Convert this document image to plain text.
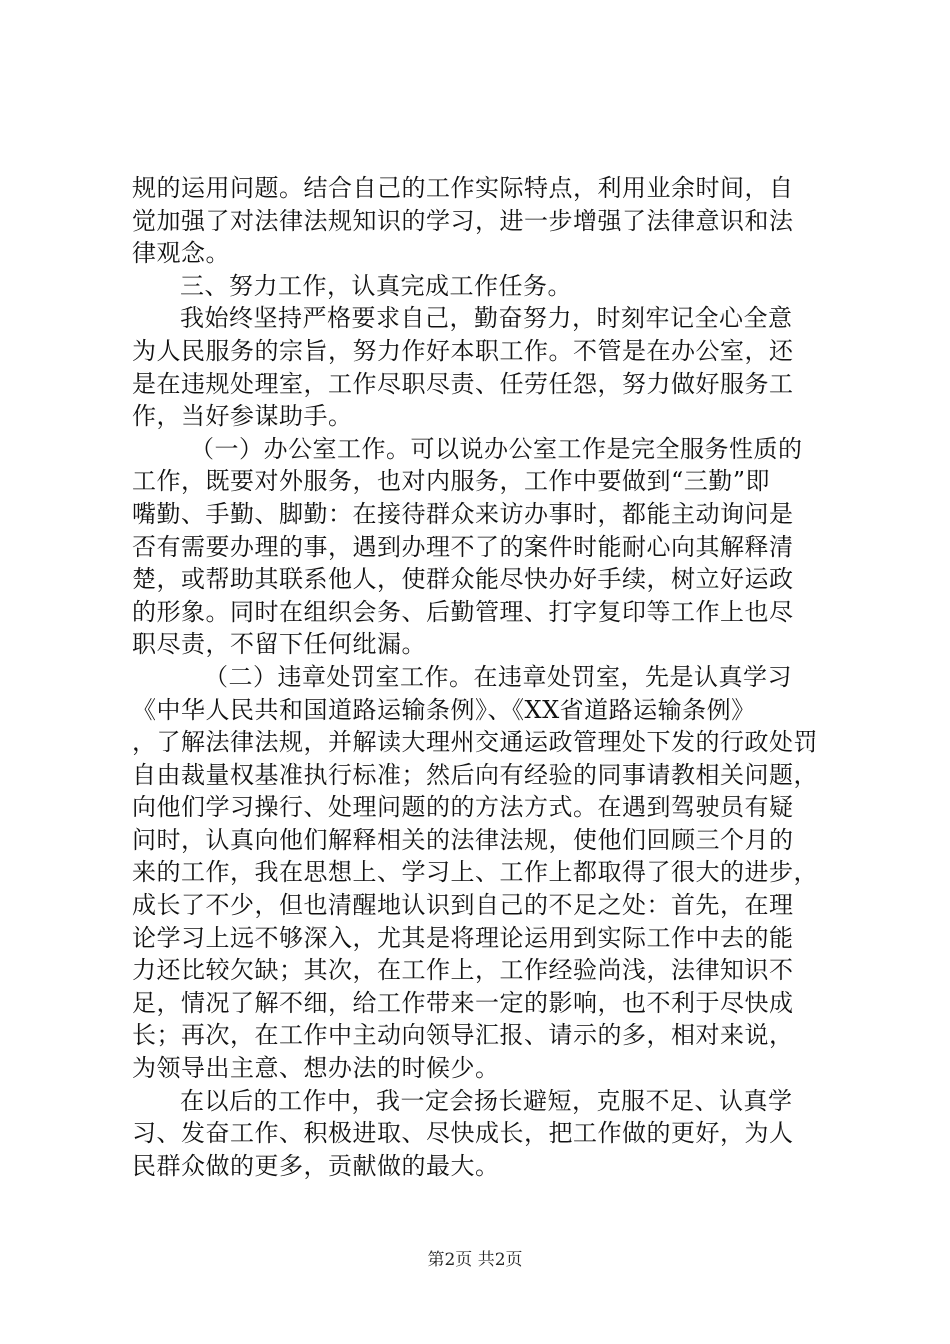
规的运用问题。结合自己的工作实际特点，利用业余时间，自
觉加强了对法律法规知识的学习，进一步增强了法律意识和法
律观念。
三、努力工作，认真完成工作任务。
我始终坚持严格要求自己，勤奋努力，时刻牢记全心全意
为人民服务的宗旨，努力作好本职工作。不管是在办公室，还
是在违规处理室，工作尽职尽责、任劳任怨，努力做好服务工
作，当好参谋助手。
（一）办公室工作。可以说办公室工作是完全服务性质的
工作，既要对外服务，也对内服务，工作中要做到“三勤”即
嘴勤、手勤、脚勤：在接待群众来访办事时，都能主动询问是
否有需要办理的事，遇到办理不了的案件时能耐心向其解释清
楚，或帮助其联系他人，使群众能尽快办好手续，树立好运政
的形象。同时在组织会务、后勤管理、打字复印等工作上也尽
职尽责，不留下任何纰漏。
（二）违章处罚室工作。在违章处罚室，先是认真学习
《中华人民共和国道路运输条例》、《XX省道路运输条例》
，了解法律法规，并解读大理州交通运政管理处下发的行政处罚
自由裁量权基准执行标准；然后向有经验的同事请教相关问题，
向他们学习操行、处理问题的的方法方式。在遇到驾驶员有疑
问时，认真向他们解释相关的法律法规，使他们回顾三个月的
来的工作，我在思想上、学习上、工作上都取得了很大的进步，
成长了不少，但也清醒地认识到自己的不足之处：首先，在理
论学习上远不够深入，尤其是将理论运用到实际工作中去的能
力还比较欠缺；其次，在工作上，工作经验尚浅，法律知识不
足，情况了解不细，给工作带来一定的影响，也不利于尽快成
长；再次，在工作中主动向领导汇报、请示的多，相对来说，
为领导出主意、想办法的时候少。
在以后的工作中，我一定会扬长避短，克服不足、认真学
习、发奋工作、积极进取、尽快成长，把工作做的更好，为人
民群众做的更多，贡献做的最大。
第2页 共2页
